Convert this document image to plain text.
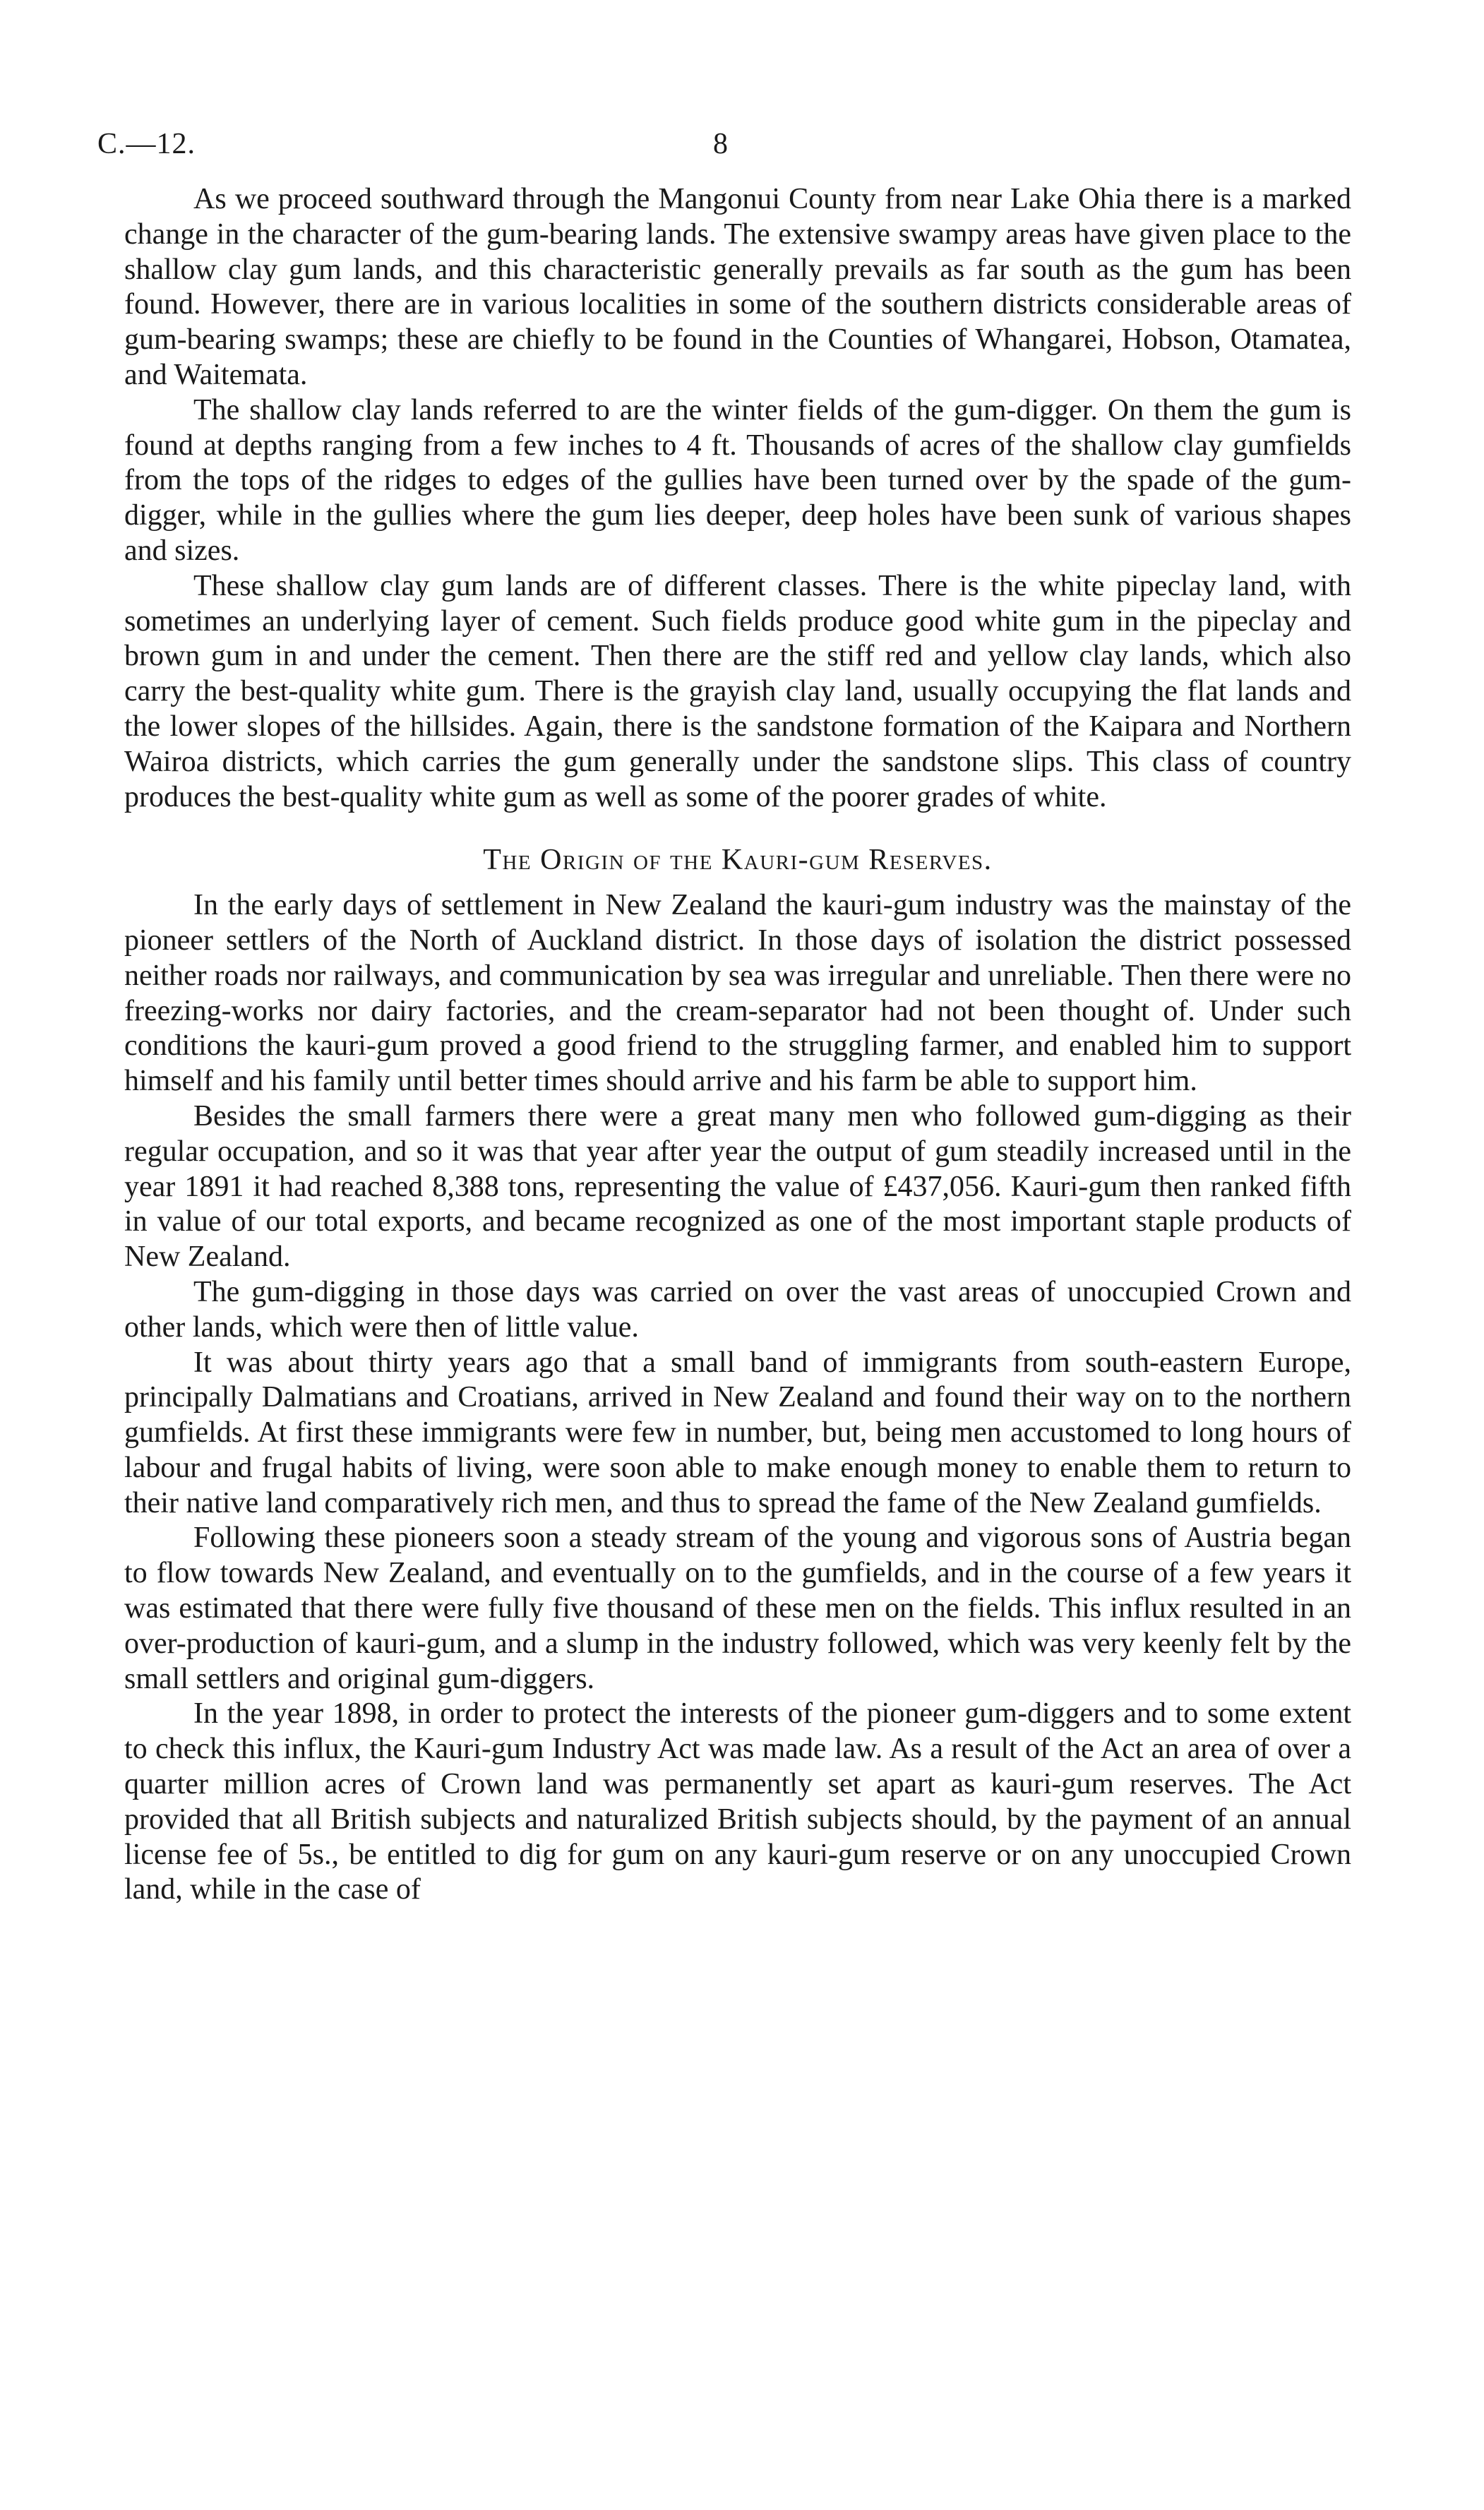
C.—12.	8

As we proceed southward through the Mangonui County from near Lake Ohia there is a marked change in the character of the gum-bearing lands. The extensive swampy areas have given place to the shallow clay gum lands, and this characteristic generally prevails as far south as the gum has been found. However, there are in various localities in some of the southern districts considerable areas of gum-bearing swamps; these are chiefly to be found in the Counties of Whangarei, Hobson, Otamatea, and Waitemata.

The shallow clay lands referred to are the winter fields of the gum-digger. On them the gum is found at depths ranging from a few inches to 4 ft. Thousands of acres of the shallow clay gumfields from the tops of the ridges to edges of the gullies have been turned over by the spade of the gum-digger, while in the gullies where the gum lies deeper, deep holes have been sunk of various shapes and sizes.

These shallow clay gum lands are of different classes. There is the white pipeclay land, with sometimes an underlying layer of cement. Such fields produce good white gum in the pipeclay and brown gum in and under the cement. Then there are the stiff red and yellow clay lands, which also carry the best-quality white gum. There is the grayish clay land, usually occupying the flat lands and the lower slopes of the hillsides. Again, there is the sandstone formation of the Kaipara and Northern Wairoa districts, which carries the gum generally under the sandstone slips. This class of country produces the best-quality white gum as well as some of the poorer grades of white.

The Origin of the Kauri-gum Reserves.

In the early days of settlement in New Zealand the kauri-gum industry was the mainstay of the pioneer settlers of the North of Auckland district. In those days of isolation the district possessed neither roads nor railways, and communication by sea was irregular and unreliable. Then there were no freezing-works nor dairy factories, and the cream-separator had not been thought of. Under such conditions the kauri-gum proved a good friend to the struggling farmer, and enabled him to support himself and his family until better times should arrive and his farm be able to support him.

Besides the small farmers there were a great many men who followed gum-digging as their regular occupation, and so it was that year after year the output of gum steadily increased until in the year 1891 it had reached 8,388 tons, representing the value of £437,056. Kauri-gum then ranked fifth in value of our total exports, and became recognized as one of the most important staple products of New Zealand.

The gum-digging in those days was carried on over the vast areas of unoccupied Crown and other lands, which were then of little value.

It was about thirty years ago that a small band of immigrants from south-eastern Europe, principally Dalmatians and Croatians, arrived in New Zealand and found their way on to the northern gumfields. At first these immigrants were few in number, but, being men accustomed to long hours of labour and frugal habits of living, were soon able to make enough money to enable them to return to their native land comparatively rich men, and thus to spread the fame of the New Zealand gumfields.

Following these pioneers soon a steady stream of the young and vigorous sons of Austria began to flow towards New Zealand, and eventually on to the gumfields, and in the course of a few years it was estimated that there were fully five thousand of these men on the fields. This influx resulted in an over-production of kauri-gum, and a slump in the industry followed, which was very keenly felt by the small settlers and original gum-diggers.

In the year 1898, in order to protect the interests of the pioneer gum-diggers and to some extent to check this influx, the Kauri-gum Industry Act was made law. As a result of the Act an area of over a quarter million acres of Crown land was permanently set apart as kauri-gum reserves. The Act provided that all British subjects and naturalized British subjects should, by the payment of an annual license fee of 5s., be entitled to dig for gum on any kauri-gum reserve or on any unoccupied Crown land, while in the case of
